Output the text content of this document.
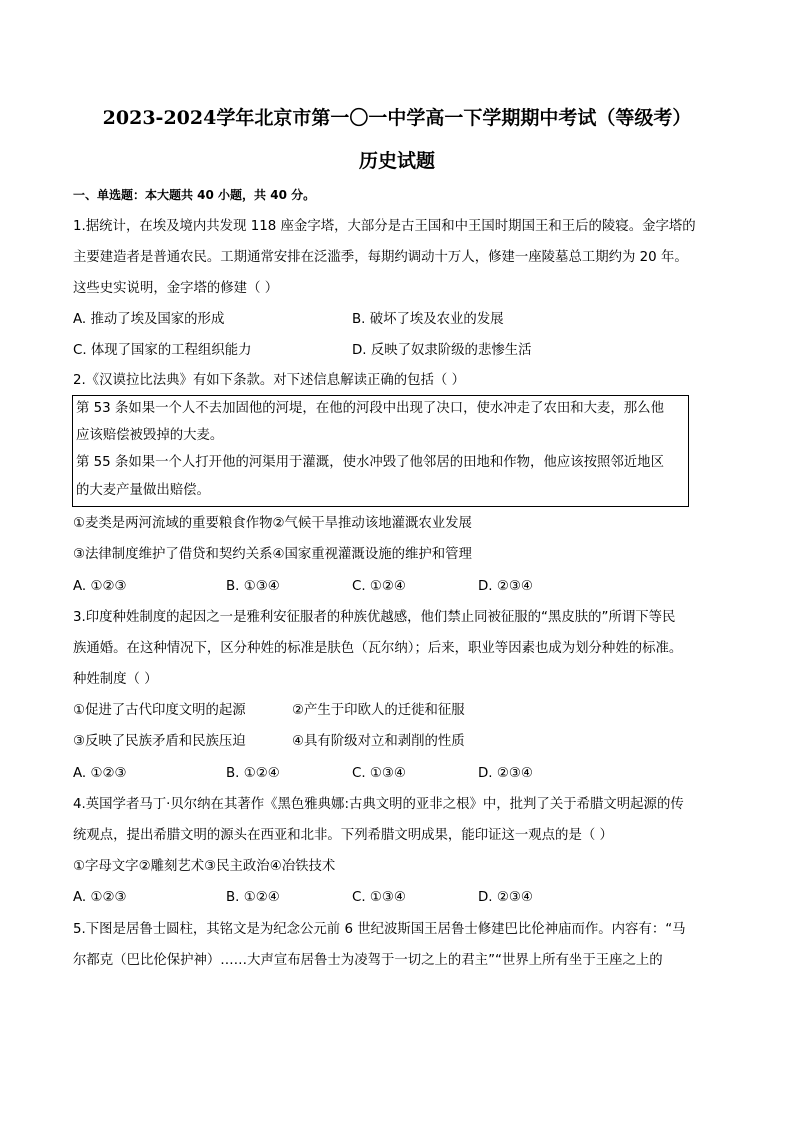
2023-2024学年北京市第一〇一中学高一下学期期中考试（等级考）
历史试题
一、单选题：本大题共 40 小题，共 40 分。
1.据统计，在埃及境内共发现 118 座金字塔，大部分是古王国和中王国时期国王和王后的陵寝。金字塔的
主要建造者是普通农民。工期通常安排在泛滥季，每期约调动十万人，修建一座陵墓总工期约为 20 年。
这些史实说明，金字塔的修建（ ）
A. 推动了埃及国家的形成	B. 破坏了埃及农业的发展
C. 体现了国家的工程组织能力	D. 反映了奴隶阶级的悲惨生活
2.《汉谟拉比法典》有如下条款。对下述信息解读正确的包括（ ）
第 53 条如果一个人不去加固他的河堤，在他的河段中出现了决口，使水冲走了农田和大麦，那么他
应该赔偿被毁掉的大麦。
第 55 条如果一个人打开他的河渠用于灌溉，使水冲毁了他邻居的田地和作物，他应该按照邻近地区
的大麦产量做出赔偿。
①麦类是两河流域的重要粮食作物②气候干旱推动该地灌溉农业发展
③法律制度维护了借贷和契约关系④国家重视灌溉设施的维护和管理
A. ①②③	B. ①③④	C. ①②④	D. ②③④
3.印度种姓制度的起因之一是雅利安征服者的种族优越感，他们禁止同被征服的“黑皮肤的”所谓下等民
族通婚。在这种情况下，区分种姓的标准是肤色（瓦尔纳）；后来，职业等因素也成为划分种姓的标准。
种姓制度（ ）
①促进了古代印度文明的起源	②产生于印欧人的迁徙和征服
③反映了民族矛盾和民族压迫	④具有阶级对立和剥削的性质
A. ①②③	B. ①②④	C. ①③④	D. ②③④
4.英国学者马丁·贝尔纳在其著作《黑色雅典娜:古典文明的亚非之根》中，批判了关于希腊文明起源的传
统观点，提出希腊文明的源头在西亚和北非。下列希腊文明成果，能印证这一观点的是（ ）
①字母文字②雕刻艺术③民主政治④冶铁技术
A. ①②③	B. ①②④	C. ①③④	D. ②③④
5.下图是居鲁士圆柱，其铭文是为纪念公元前 6 世纪波斯国王居鲁士修建巴比伦神庙而作。内容有：“马
尔都克（巴比伦保护神）……大声宣布居鲁士为凌驾于一切之上的君主”“世界上所有坐于王座之上的
